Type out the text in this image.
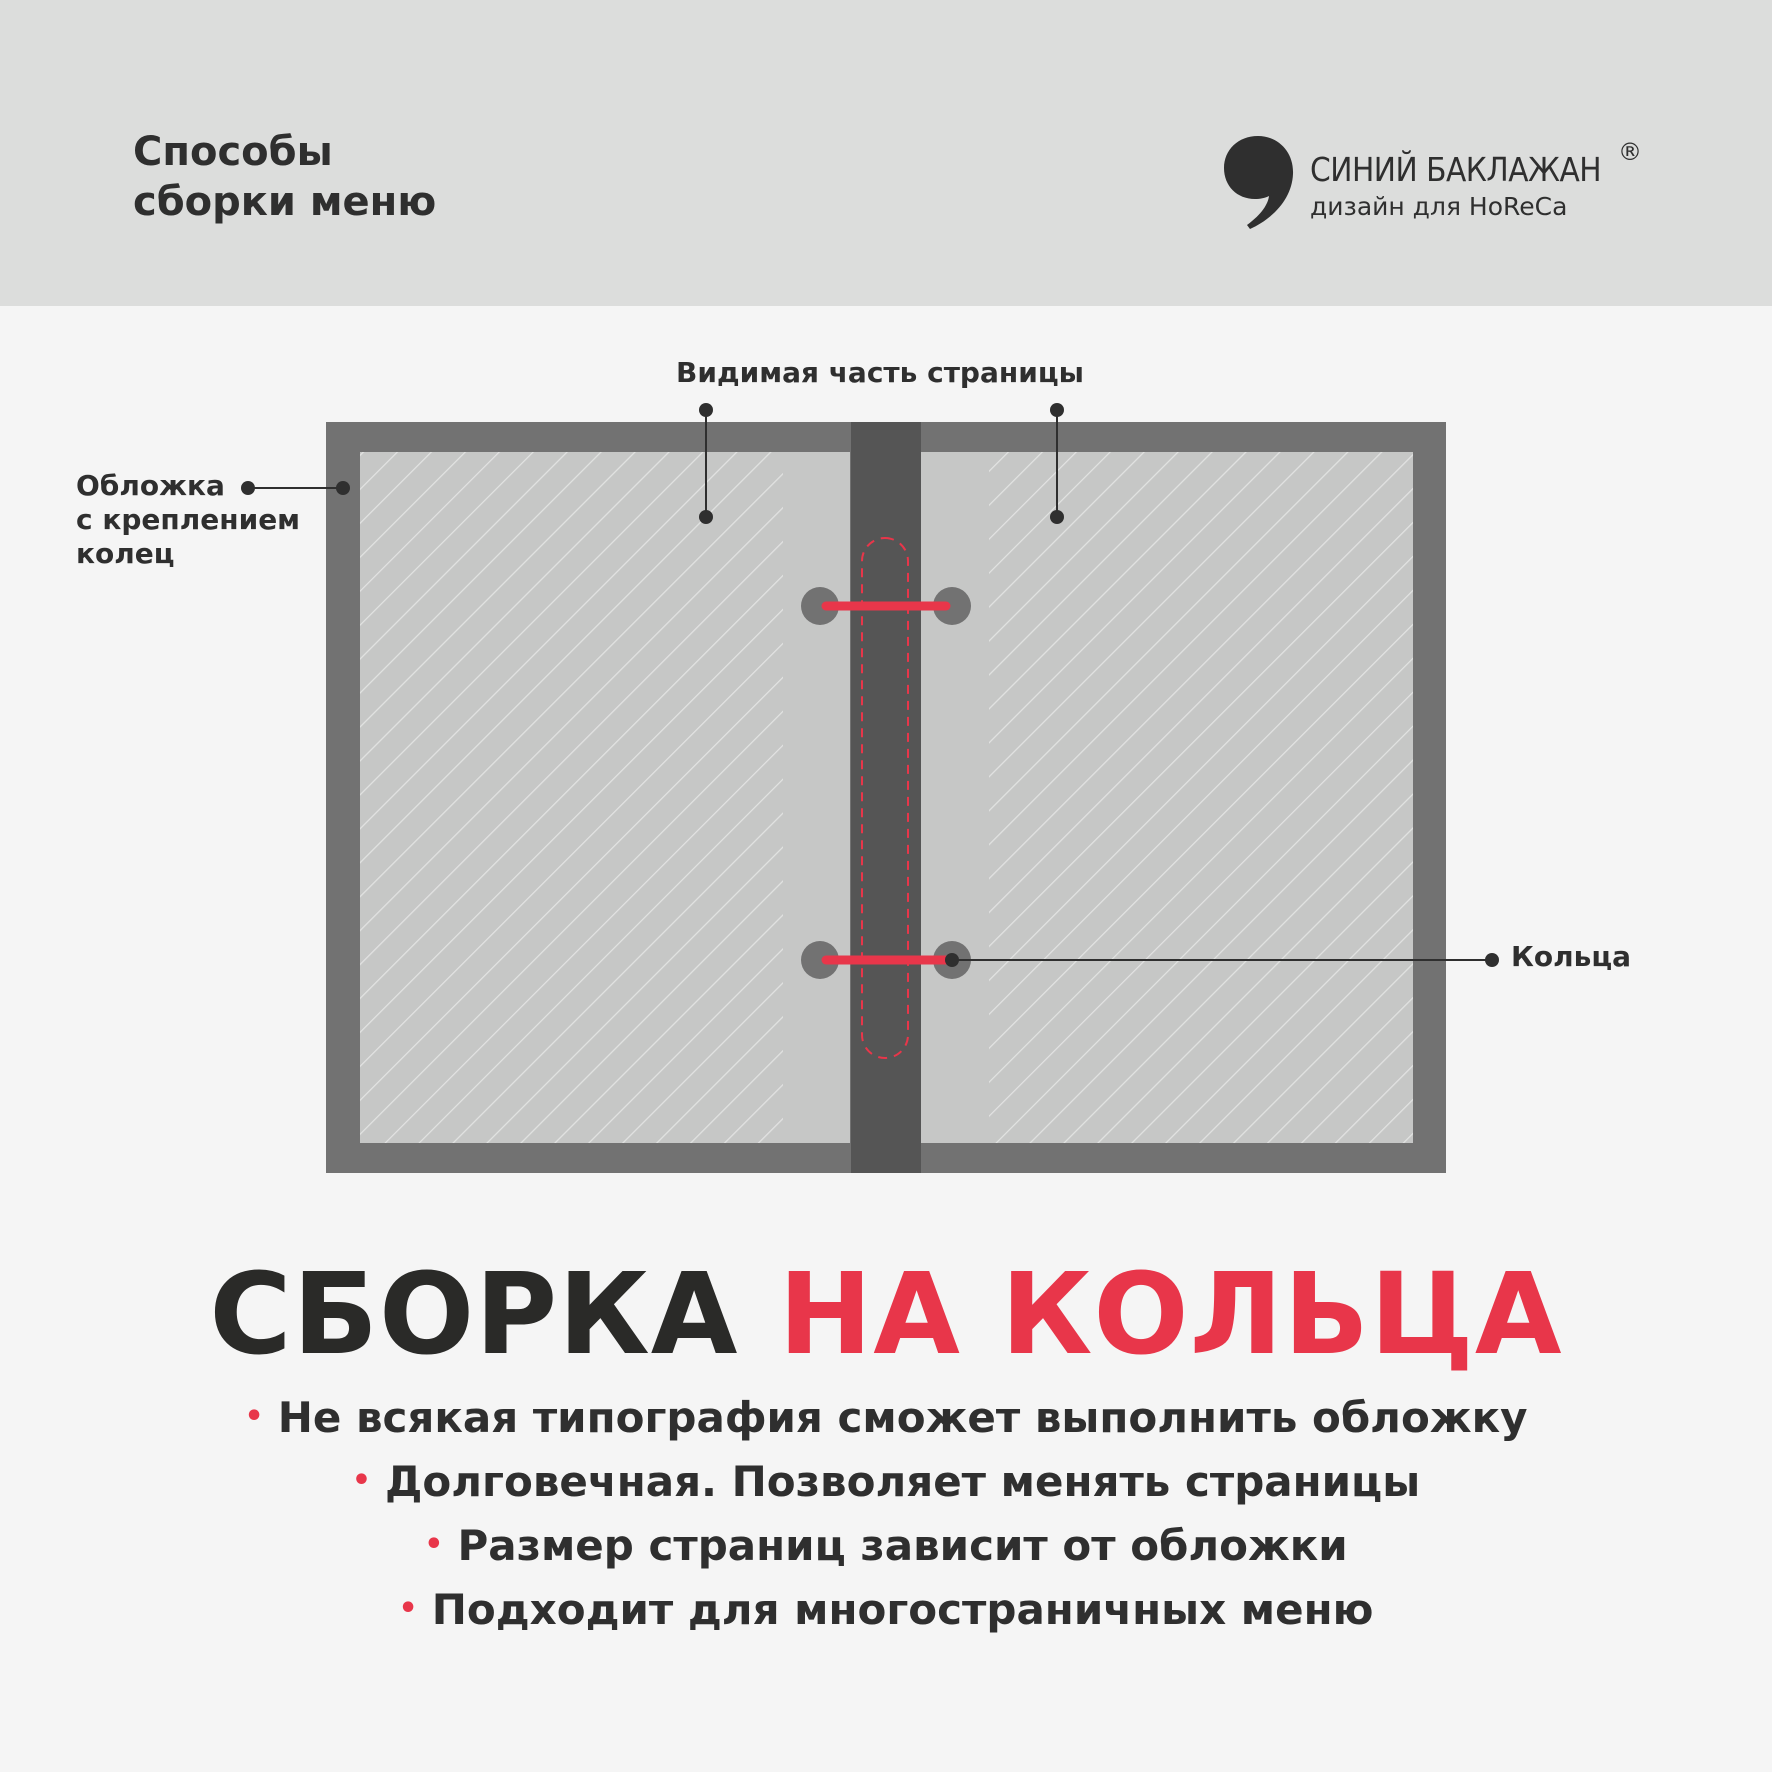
Способы
сборки меню
СИНИЙ БАКЛАЖАН ®
дизайн для HoReCa
Видимая часть страницы
Обложка
с креплением
колец
Кольца
СБОРКА НА КОЛЬЦА
• Не всякая типография сможет выполнить обложку
• Долговечная. Позволяет менять страницы
• Размер страниц зависит от обложки
• Подходит для многостраничных меню
